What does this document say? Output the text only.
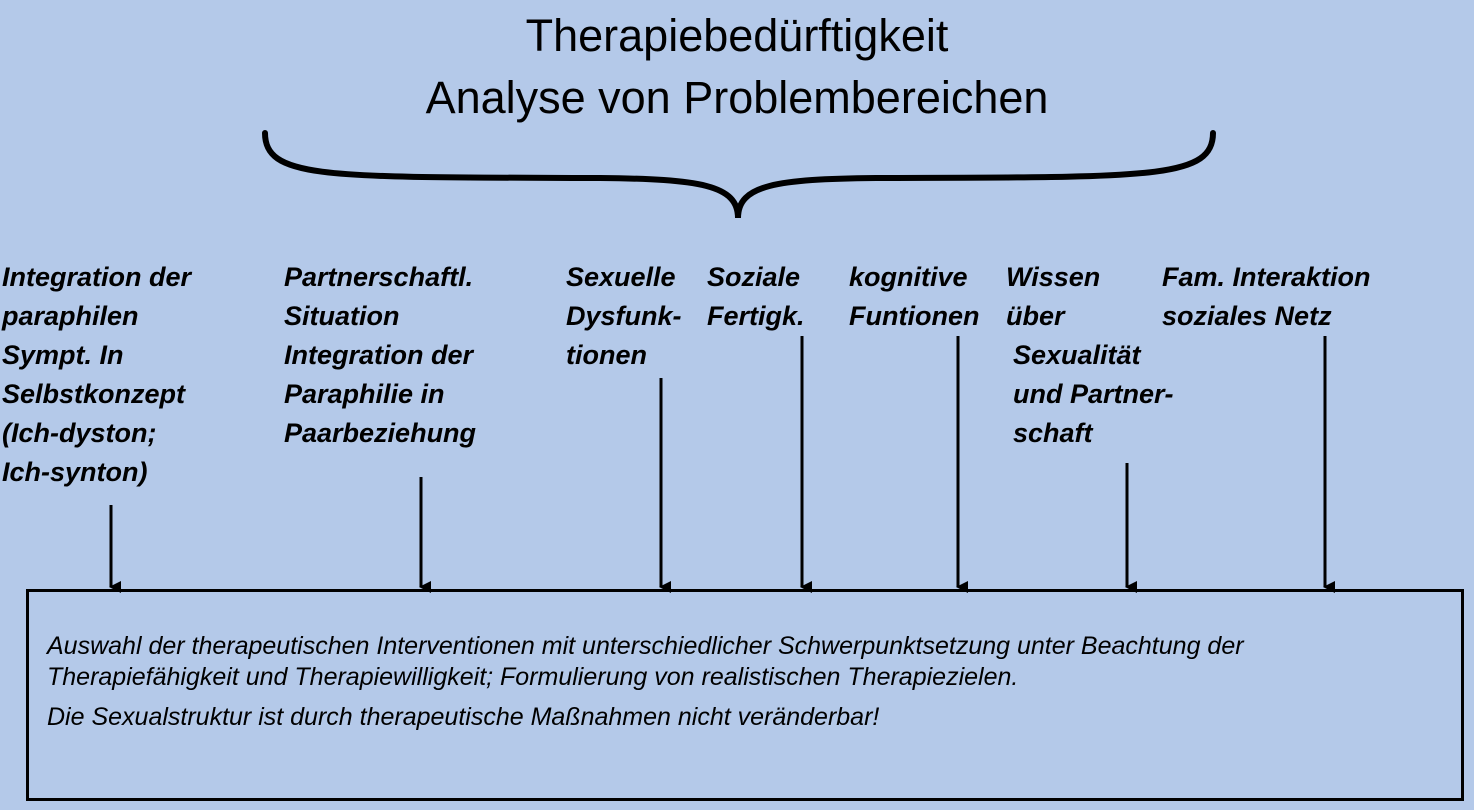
Therapiebedürftigkeit
Analyse von Problembereichen
Integration der
paraphilen
Sympt. In
Selbstkonzept
(Ich-dyston;
Ich-synton)
Partnerschaftl.
Situation
Integration der
Paraphilie in
Paarbeziehung
Sexuelle
Dysfunk-
tionen
Soziale
Fertigk.
kognitive
Funtionen
Wissen
über
Sexualität
und Partner-
schaft
Fam. Interaktion
soziales Netz

Auswahl der therapeutischen Interventionen mit unterschiedlicher Schwerpunktsetzung unter Beachtung der

Therapiefähigkeit und Therapiewilligkeit; Formulierung von realistischen Therapiezielen.

Die Sexualstruktur ist durch therapeutische Maßnahmen nicht veränderbar!
